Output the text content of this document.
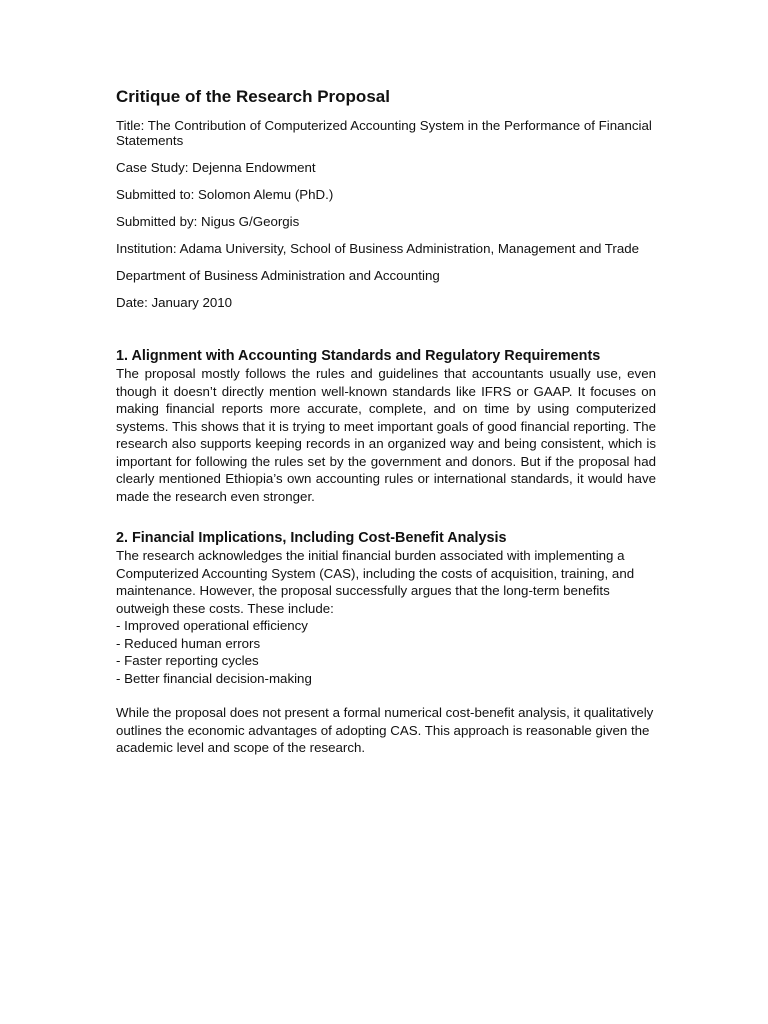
Critique of the Research Proposal

Title: The Contribution of Computerized Accounting System in the Performance of Financial Statements

Case Study: Dejenna Endowment

Submitted to: Solomon Alemu (PhD.)

Submitted by: Nigus G/Georgis

Institution: Adama University, School of Business Administration, Management and Trade

Department of Business Administration and Accounting

Date: January 2010

1. Alignment with Accounting Standards and Regulatory Requirements

The proposal mostly follows the rules and guidelines that accountants usually use, even though it doesn’t directly mention well-known standards like IFRS or GAAP. It focuses on making financial reports more accurate, complete, and on time by using computerized systems. This shows that it is trying to meet important goals of good financial reporting. The research also supports keeping records in an organized way and being consistent, which is important for following the rules set by the government and donors. But if the proposal had clearly mentioned Ethiopia’s own accounting rules or international standards, it would have made the research even stronger.

2. Financial Implications, Including Cost-Benefit Analysis

The research acknowledges the initial financial burden associated with implementing a Computerized Accounting System (CAS), including the costs of acquisition, training, and maintenance. However, the proposal successfully argues that the long-term benefits outweigh these costs. These include:

- Improved operational efficiency
- Reduced human errors
- Faster reporting cycles
- Better financial decision-making

While the proposal does not present a formal numerical cost-benefit analysis, it qualitatively outlines the economic advantages of adopting CAS. This approach is reasonable given the academic level and scope of the research.
